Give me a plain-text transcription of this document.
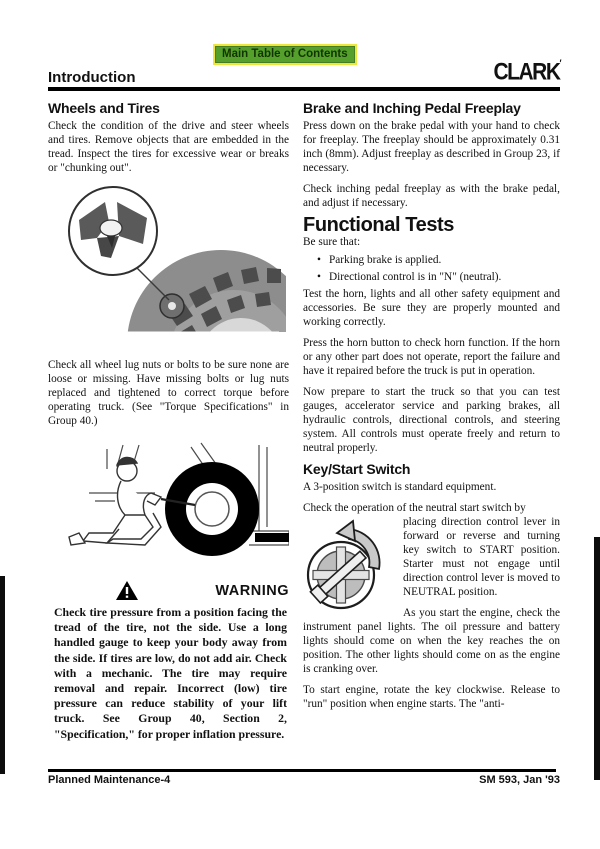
Main Table of Contents
Introduction	CLARK′
Wheels and Tires

Check the condition of the drive and steer wheels and tires. Remove objects that are embedded in the tread. Inspect the tires for excessive wear or breaks or "chunking out".

Check all wheel lug nuts or bolts to be sure none are loose or missing. Have missing bolts or lug nuts replaced and tightened to correct torque before operating truck. (See "Torque Specifications" in Group 40.)

WARNING

Check tire pressure from a position facing the tread of the tire, not the side. Use a long handled gauge to keep your body away from the side. If tires are low, do not add air. Check with a mechanic. The tire may require removal and repair. Incorrect (low) tire pressure can reduce stability of your lift truck. See Group 40, Section 2, "Specification," for proper inflation pressure.

Brake and Inching Pedal Freeplay

Press down on the brake pedal with your hand to check for freeplay. The freeplay should be approximately 0.31 inch (8mm). Adjust freeplay as described in Group 23, if necessary.

Check inching pedal freeplay as with the brake pedal, and adjust if necessary.

Functional Tests

Be sure that:

• Parking brake is applied.
• Directional control is in "N" (neutral).

Test the horn, lights and all other safety equipment and accessories. Be sure they are properly mounted and working correctly.

Press the horn button to check horn function. If the horn or any other part does not operate, report the failure and have it repaired before the truck is put in operation.

Now prepare to start the truck so that you can test gauges, accelerator service and parking brakes, all hydraulic controls, directional controls, and steering system. All controls must operate freely and return to neutral properly.

Key/Start Switch

A 3-position switch is standard equipment.

Check the operation of the neutral start switch by

placing direction control lever in forward or reverse and turning key switch to START position. Starter must not engage until direction control lever is moved to NEUTRAL position.

As you start the engine, check the instrument panel lights. The oil pressure and battery lights should come on when the key reaches the on position. The other lights should come on as the engine is cranking over.

To start engine, rotate the key clockwise. Release to "run" position when engine starts. The "anti-

Planned Maintenance-4	SM 593, Jan '93
